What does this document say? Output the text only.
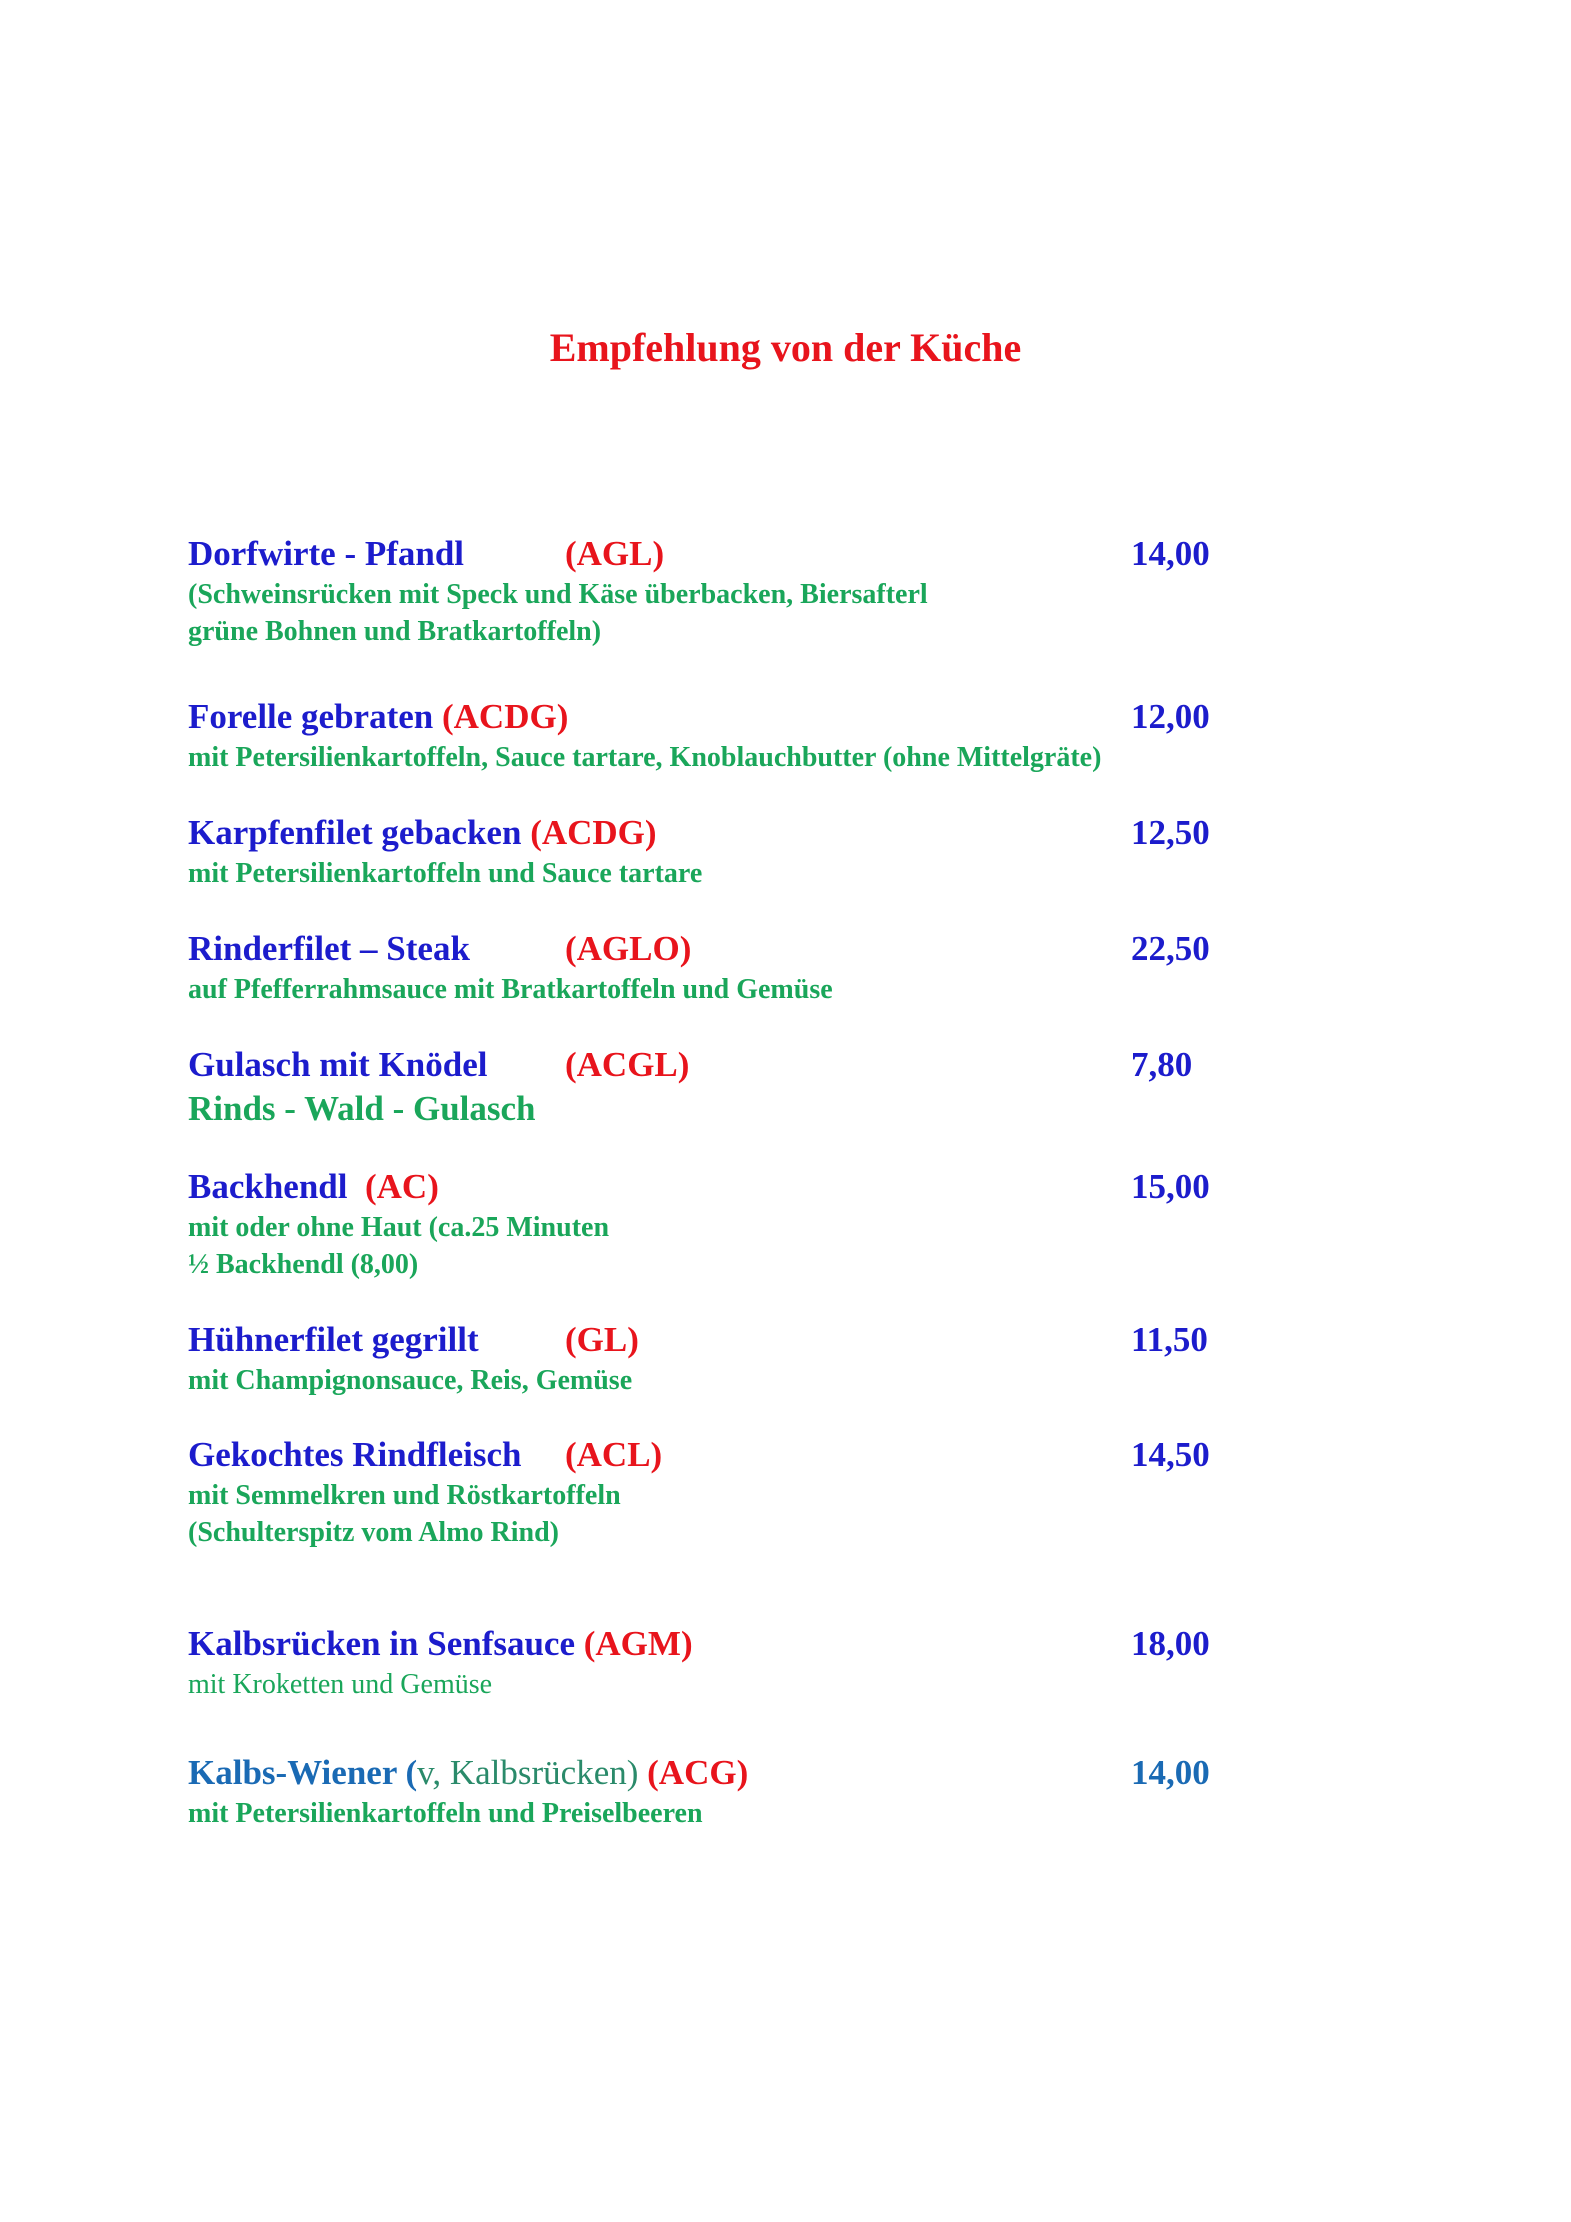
Empfehlung von der Küche
Dorfwirte - Pfandl	(AGL)	14,00
(Schweinsrücken mit Speck und Käse überbacken, Biersafterl
grüne Bohnen und Bratkartoffeln)
Forelle gebraten (ACDG)	12,00
mit Petersilienkartoffeln, Sauce tartare, Knoblauchbutter (ohne Mittelgräte)
Karpfenfilet gebacken (ACDG)	12,50
mit Petersilienkartoffeln und Sauce tartare
Rinderfilet – Steak	(AGLO)	22,50
auf Pfefferrahmsauce mit Bratkartoffeln und Gemüse
Gulasch mit Knödel (ACGL)	7,80
Rinds - Wald - Gulasch
Backhendl (AC)	15,00
mit oder ohne Haut (ca.25 Minuten
½ Backhendl (8,00)
Hühnerfilet gegrillt (GL)	11,50
mit Champignonsauce, Reis, Gemüse
Gekochtes Rindfleisch (ACL)	14,50
mit Semmelkren und Röstkartoffeln
(Schulterspitz vom Almo Rind)
Kalbsrücken in Senfsauce (AGM)	18,00
mit Kroketten und Gemüse
Kalbs-Wiener (v, Kalbsrücken) (ACG)	14,00
mit Petersilienkartoffeln und Preiselbeeren
